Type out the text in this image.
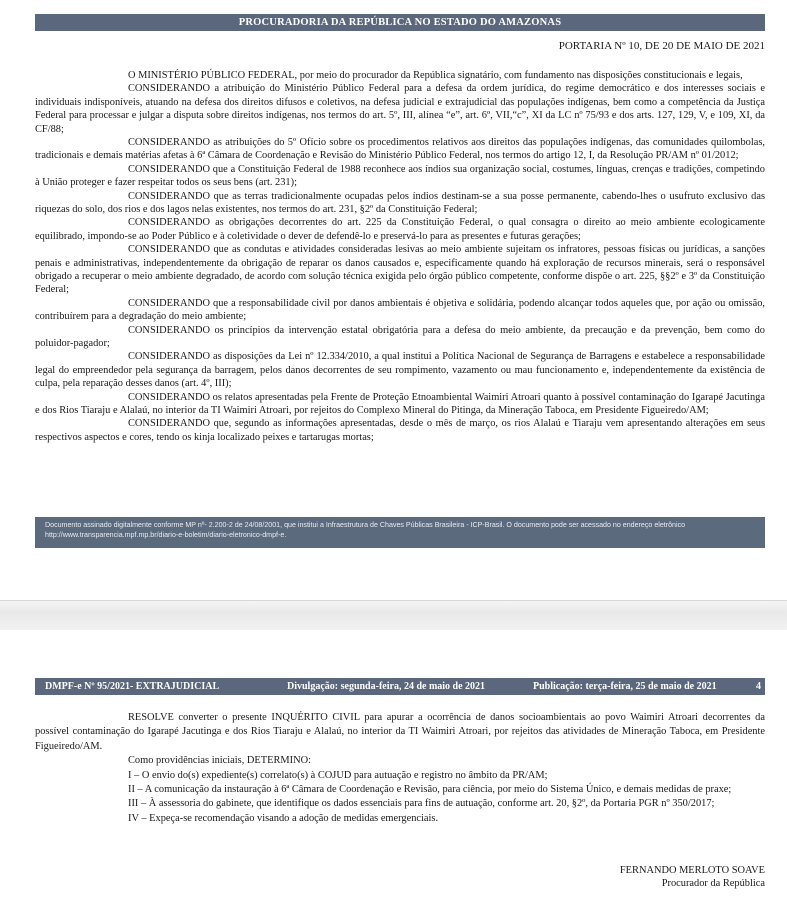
PROCURADORIA DA REPÚBLICA NO ESTADO DO AMAZONAS
PORTARIA Nº 10, DE 20 DE MAIO DE 2021

O MINISTÉRIO PÚBLICO FEDERAL, por meio do procurador da República signatário, com fundamento nas disposições constitucionais e legais,

CONSIDERANDO a atribuição do Ministério Público Federal para a defesa da ordem jurídica, do regime democrático e dos interesses sociais e individuais indisponíveis, atuando na defesa dos direitos difusos e coletivos, na defesa judicial e extrajudicial das populações indígenas, bem como a competência da Justiça Federal para processar e julgar a disputa sobre direitos indígenas, nos termos do art. 5º, III, alínea “e”, art. 6º, VII,“c”, XI da LC nº 75/93 e dos arts. 127, 129, V, e 109, XI, da CF/88;

CONSIDERANDO as atribuições do 5º Ofício sobre os procedimentos relativos aos direitos das populações indígenas, das comunidades quilombolas, tradicionais e demais matérias afetas à 6ª Câmara de Coordenação e Revisão do Ministério Público Federal, nos termos do artigo 12, I, da Resolução PR/AM nº 01/2012;

CONSIDERANDO que a Constituição Federal de 1988 reconhece aos índios sua organização social, costumes, línguas, crenças e tradições, competindo à União proteger e fazer respeitar todos os seus bens (art. 231);

CONSIDERANDO que as terras tradicionalmente ocupadas pelos índios destinam-se a sua posse permanente, cabendo-lhes o usufruto exclusivo das riquezas do solo, dos rios e dos lagos nelas existentes, nos termos do art. 231, §2º da Constituição Federal;

CONSIDERANDO as obrigações decorrentes do art. 225 da Constituição Federal, o qual consagra o direito ao meio ambiente ecologicamente equilibrado, impondo-se ao Poder Público e à coletividade o dever de defendê-lo e preservá-lo para as presentes e futuras gerações;

CONSIDERANDO que as condutas e atividades consideradas lesivas ao meio ambiente sujeitam os infratores, pessoas físicas ou jurídicas, a sanções penais e administrativas, independentemente da obrigação de reparar os danos causados e, especificamente quando há exploração de recursos minerais, será o responsável obrigado a recuperar o meio ambiente degradado, de acordo com solução técnica exigida pelo órgão público competente, conforme dispõe o art. 225, §§2º e 3º da Constituição Federal;

CONSIDERANDO que a responsabilidade civil por danos ambientais é objetiva e solidária, podendo alcançar todos aqueles que, por ação ou omissão, contribuírem para a degradação do meio ambiente;

CONSIDERANDO os princípios da intervenção estatal obrigatória para a defesa do meio ambiente, da precaução e da prevenção, bem como do poluidor-pagador;

CONSIDERANDO as disposições da Lei nº 12.334/2010, a qual institui a Política Nacional de Segurança de Barragens e estabelece a responsabilidade legal do empreendedor pela segurança da barragem, pelos danos decorrentes de seu rompimento, vazamento ou mau funcionamento e, independentemente da existência de culpa, pela reparação desses danos (art. 4º, III);

CONSIDERANDO os relatos apresentadas pela Frente de Proteção Etnoambiental Waimiri Atroari quanto à possível contaminação do Igarapé Jacutinga e dos Rios Tiaraju e Alalaú, no interior da TI Waimiri Atroari, por rejeitos do Complexo Mineral do Pitinga, da Mineração Taboca, em Presidente Figueiredo/AM;

CONSIDERANDO que, segundo as informações apresentadas, desde o mês de março, os rios Alalaú e Tiaraju vem apresentando alterações em seus respectivos aspectos e cores, tendo os kinja localizado peixes e tartarugas mortas;

Documento assinado digitalmente conforme MP nº- 2.200-2 de 24/08/2001, que institui a Infraestrutura de Chaves Públicas Brasileira - ICP-Brasil. O documento pode ser acessado no endereço eletrônico http://www.transparencia.mpf.mp.br/diario-e-boletim/diario-eletronico-dmpf-e.
DMPF-e Nº 95/2021- EXTRAJUDICIAL	Divulgação: segunda-feira, 24 de maio de 2021	Publicação: terça-feira, 25 de maio de 2021	4

RESOLVE converter o presente INQUÉRITO CIVIL para apurar a ocorrência de danos socioambientais ao povo Waimiri Atroari decorrentes da possível contaminação do Igarapé Jacutinga e dos Rios Tiaraju e Alalaú, no interior da TI Waimiri Atroari, por rejeitos das atividades de Mineração Taboca, em Presidente Figueiredo/AM.

Como providências iniciais, DETERMINO:

I – O envio do(s) expediente(s) correlato(s) à COJUD para autuação e registro no âmbito da PR/AM;

II – A comunicação da instauração à 6ª Câmara de Coordenação e Revisão, para ciência, por meio do Sistema Único, e demais medidas de praxe;

III – À assessoria do gabinete, que identifique os dados essenciais para fins de autuação, conforme art. 20, §2º, da Portaria PGR nº 350/2017;

IV – Expeça-se recomendação visando a adoção de medidas emergenciais.

FERNANDO MERLOTO SOAVE
Procurador da República
